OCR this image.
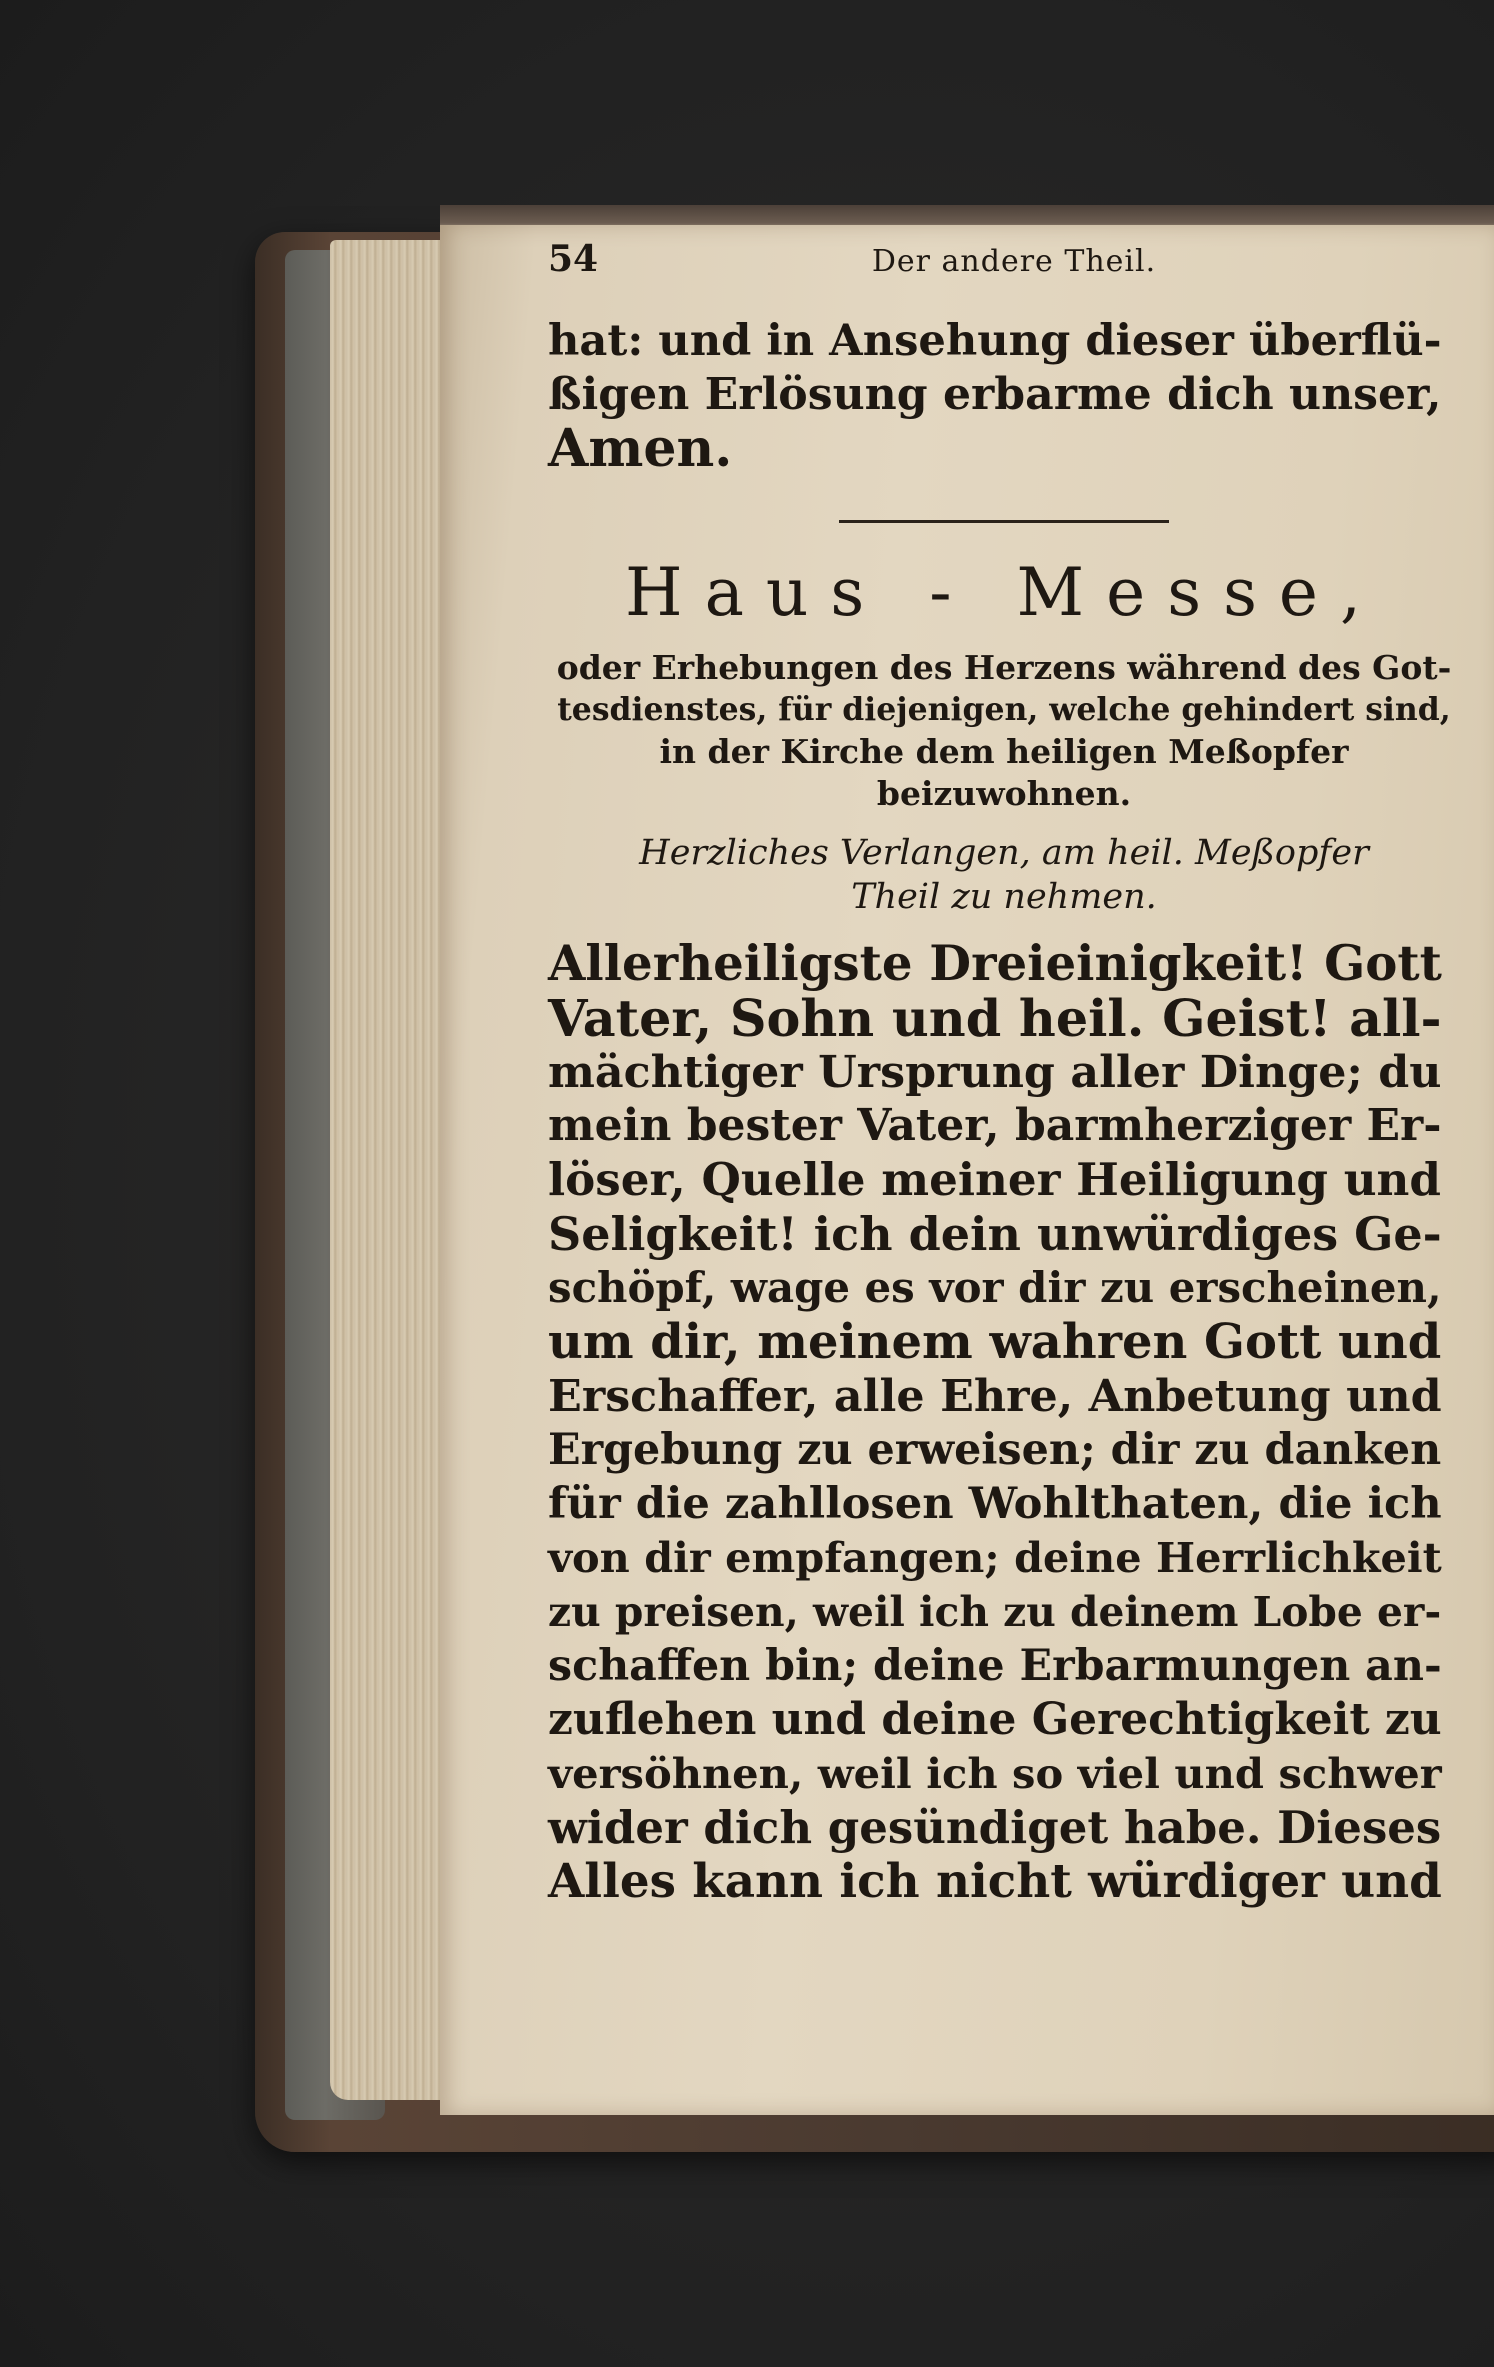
54	Der andere Theil.
hat: und in Ansehung dieser überflü-
ßigen Erlösung erbarme dich unser,
Amen.
Haus - Messe,
oder Erhebungen des Herzens während des Got-
tesdienstes, für diejenigen, welche gehindert sind,
in der Kirche dem heiligen Meßopfer
beizuwohnen.
Herzliches Verlangen, am heil. Meßopfer
Theil zu nehmen.
Allerheiligste Dreieinigkeit! Gott
Vater, Sohn und heil. Geist! all-
mächtiger Ursprung aller Dinge; du
mein bester Vater, barmherziger Er-
löser, Quelle meiner Heiligung und
Seligkeit! ich dein unwürdiges Ge-
schöpf, wage es vor dir zu erscheinen,
um dir, meinem wahren Gott und
Erschaffer, alle Ehre, Anbetung und
Ergebung zu erweisen; dir zu danken
für die zahllosen Wohlthaten, die ich
von dir empfangen; deine Herrlichkeit
zu preisen, weil ich zu deinem Lobe er-
schaffen bin; deine Erbarmungen an-
zuflehen und deine Gerechtigkeit zu
versöhnen, weil ich so viel und schwer
wider dich gesündiget habe. Dieses
Alles kann ich nicht würdiger und
